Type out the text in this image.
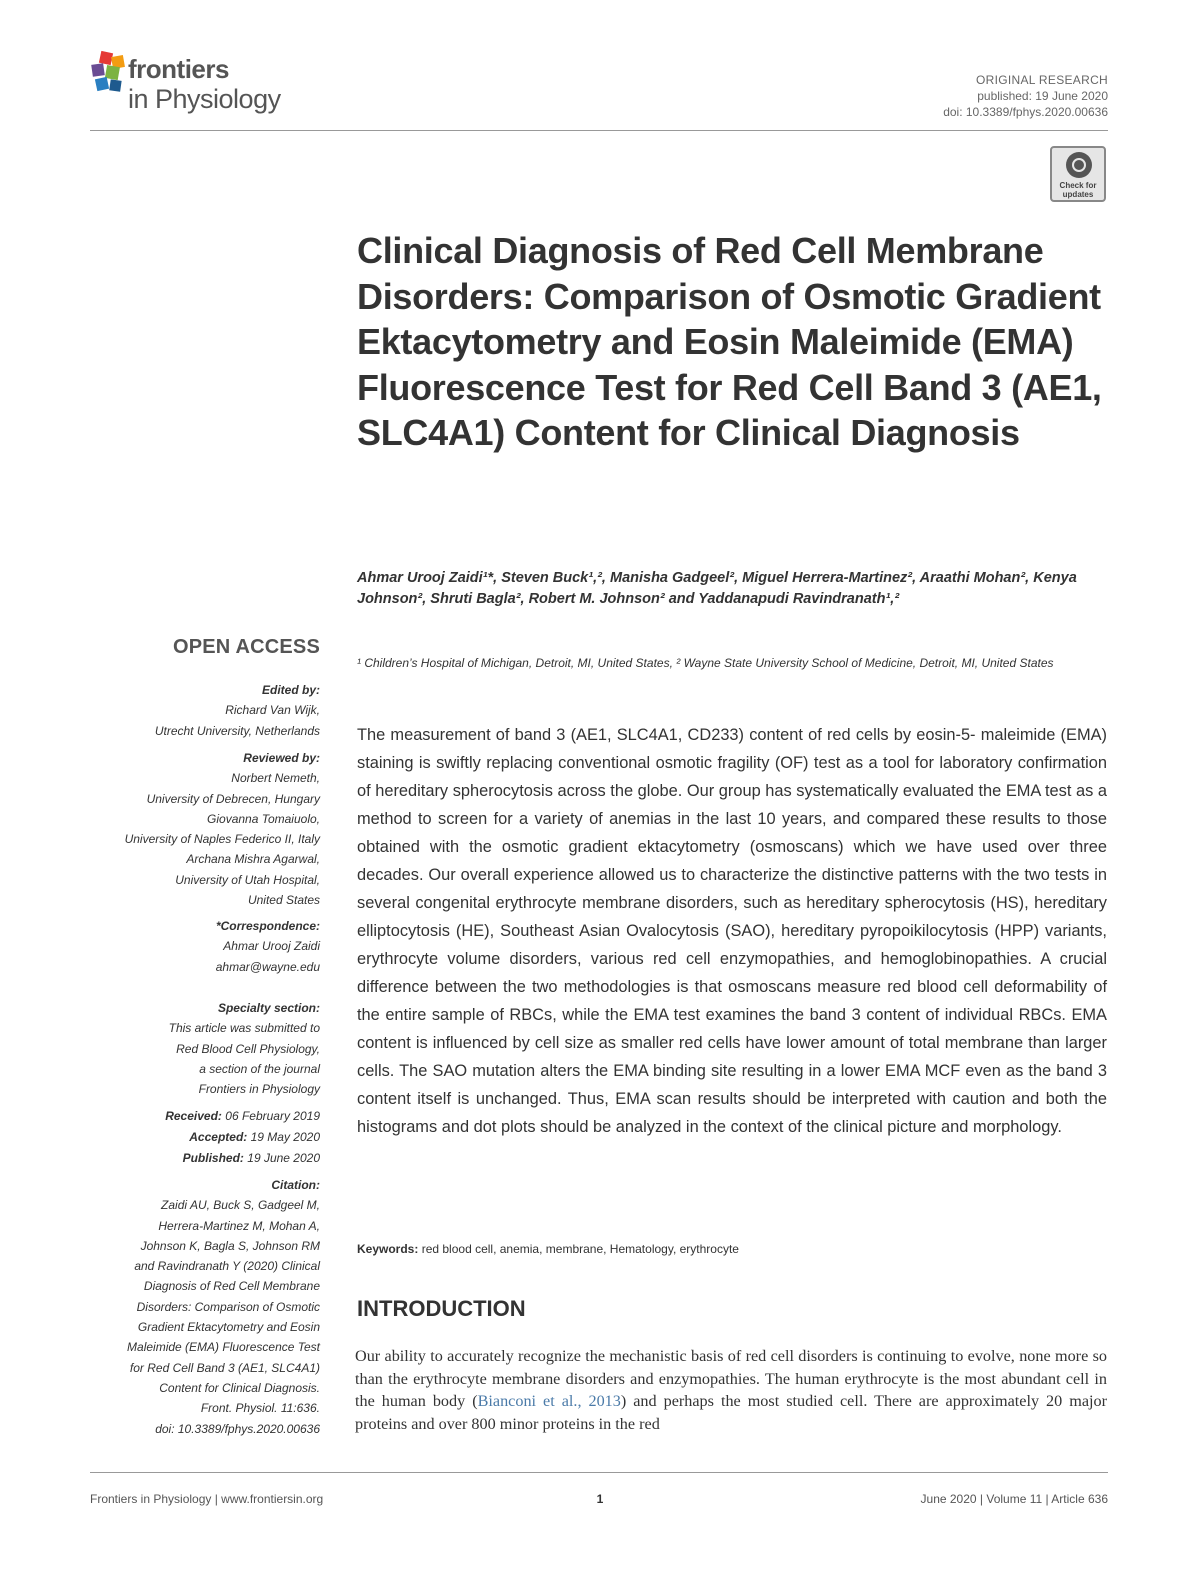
frontiers
in Physiology
ORIGINAL RESEARCH
published: 19 June 2020
doi: 10.3389/fphys.2020.00636
Check for updates
Clinical Diagnosis of Red Cell Membrane Disorders: Comparison of Osmotic Gradient Ektacytometry and Eosin Maleimide (EMA) Fluorescence Test for Red Cell Band 3 (AE1, SLC4A1) Content for Clinical Diagnosis
Ahmar Urooj Zaidi¹*, Steven Buck¹,², Manisha Gadgeel², Miguel Herrera-Martinez², Araathi Mohan², Kenya Johnson², Shruti Bagla², Robert M. Johnson² and Yaddanapudi Ravindranath¹,²
¹ Children’s Hospital of Michigan, Detroit, MI, United States, ² Wayne State University School of Medicine, Detroit, MI, United States
OPEN ACCESS
Edited by:
Richard Van Wijk,
Utrecht University, Netherlands
Reviewed by:
Norbert Nemeth,
University of Debrecen, Hungary
Giovanna Tomaiuolo,
University of Naples Federico II, Italy
Archana Mishra Agarwal,
University of Utah Hospital,
United States
*Correspondence:
Ahmar Urooj Zaidi
ahmar@wayne.edu
Specialty section:
This article was submitted to
Red Blood Cell Physiology,
a section of the journal
Frontiers in Physiology
Received: 06 February 2019
Accepted: 19 May 2020
Published: 19 June 2020
Citation:
Zaidi AU, Buck S, Gadgeel M,
Herrera-Martinez M, Mohan A,
Johnson K, Bagla S, Johnson RM
and Ravindranath Y (2020) Clinical
Diagnosis of Red Cell Membrane
Disorders: Comparison of Osmotic
Gradient Ektacytometry and Eosin
Maleimide (EMA) Fluorescence Test
for Red Cell Band 3 (AE1, SLC4A1)
Content for Clinical Diagnosis.
Front. Physiol. 11:636.
doi: 10.3389/fphys.2020.00636
The measurement of band 3 (AE1, SLC4A1, CD233) content of red cells by eosin-5- maleimide (EMA) staining is swiftly replacing conventional osmotic fragility (OF) test as a tool for laboratory confirmation of hereditary spherocytosis across the globe. Our group has systematically evaluated the EMA test as a method to screen for a variety of anemias in the last 10 years, and compared these results to those obtained with the osmotic gradient ektacytometry (osmoscans) which we have used over three decades. Our overall experience allowed us to characterize the distinctive patterns with the two tests in several congenital erythrocyte membrane disorders, such as hereditary spherocytosis (HS), hereditary elliptocytosis (HE), Southeast Asian Ovalocytosis (SAO), hereditary pyropoikilocytosis (HPP) variants, erythrocyte volume disorders, various red cell enzymopathies, and hemoglobinopathies. A crucial difference between the two methodologies is that osmoscans measure red blood cell deformability of the entire sample of RBCs, while the EMA test examines the band 3 content of individual RBCs. EMA content is influenced by cell size as smaller red cells have lower amount of total membrane than larger cells. The SAO mutation alters the EMA binding site resulting in a lower EMA MCF even as the band 3 content itself is unchanged. Thus, EMA scan results should be interpreted with caution and both the histograms and dot plots should be analyzed in the context of the clinical picture and morphology.
Keywords: red blood cell, anemia, membrane, Hematology, erythrocyte
INTRODUCTION
Our ability to accurately recognize the mechanistic basis of red cell disorders is continuing to evolve, none more so than the erythrocyte membrane disorders and enzymopathies. The human erythrocyte is the most abundant cell in the human body (Bianconi et al., 2013) and perhaps the most studied cell. There are approximately 20 major proteins and over 800 minor proteins in the red
Frontiers in Physiology | www.frontiersin.org	1	June 2020 | Volume 11 | Article 636
